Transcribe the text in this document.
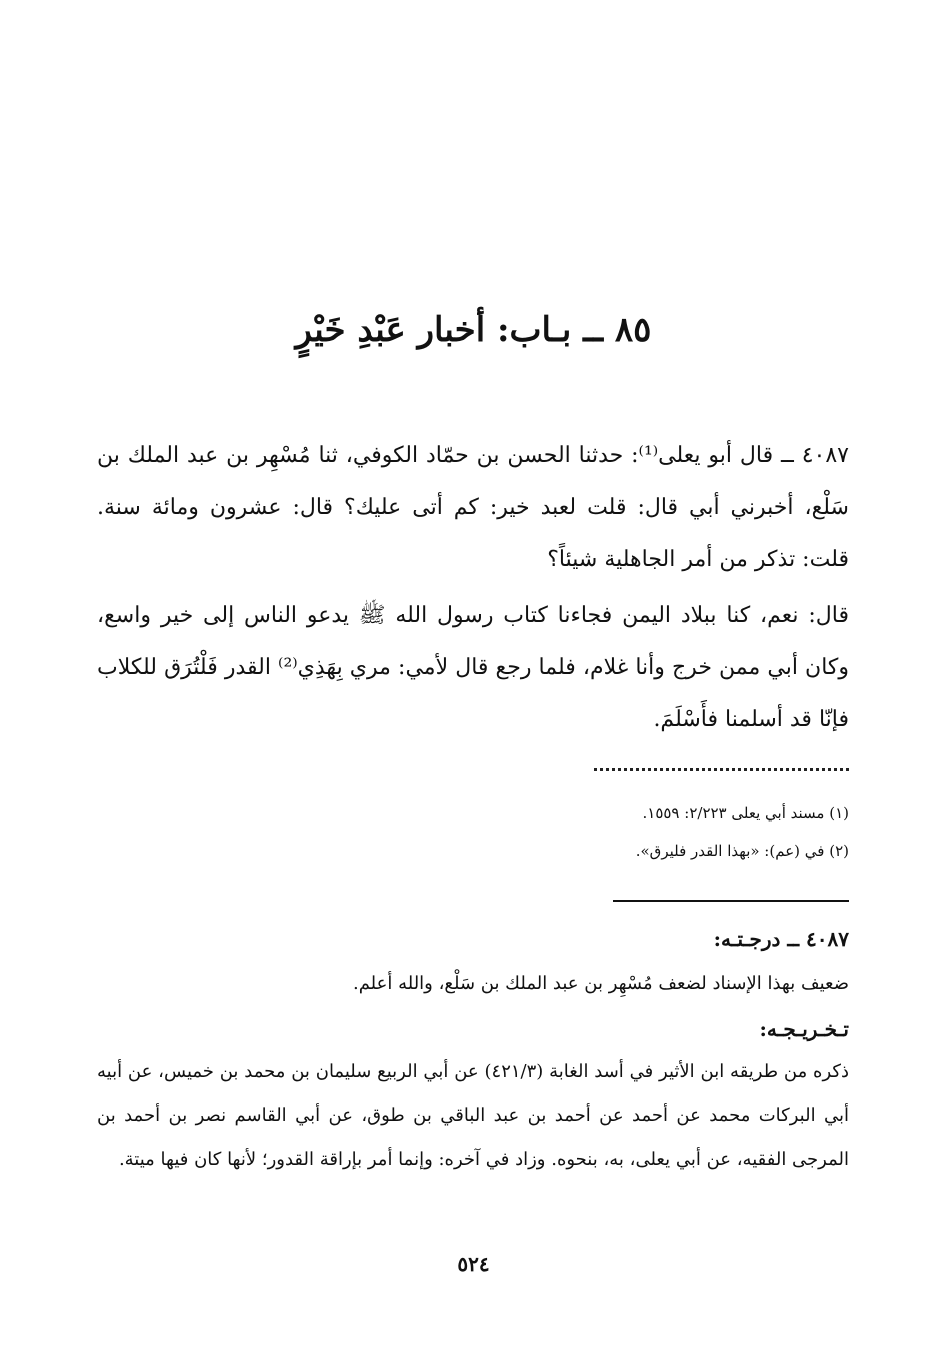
٨٥ ــ بـاب: أخبار عَبْدِ خَيْرٍ
٤٠٨٧ ــ قال أبو يعلى⁽¹⁾: حدثنا الحسن بن حمّاد الكوفي، ثنا مُسْهِر بن عبد الملك بن سَلْع، أخبرني أبي قال: قلت لعبد خير: كم أتى عليك؟ قال: عشرون ومائة سنة. قلت: تذكر من أمر الجاهلية شيئاً؟
قال: نعم، كنا ببلاد اليمن فجاءنا كتاب رسول الله ﷺ يدعو الناس إلى خير واسع، وكان أبي ممن خرج وأنا غلام، فلما رجع قال لأمي: مري بِهَذِي⁽²⁾ القدر فَلْتُرَق للكلاب فإنّا قد أسلمنا فأَسْلَمَ.
(١) مسند أبي يعلى ٢/٢٢٣: ١٥٥٩.
(٢) في (عم): «بهذا القدر فليرق».
٤٠٨٧ ــ درجـتـه:
ضعيف بهذا الإسناد لضعف مُسْهِر بن عبد الملك بن سَلْع، والله أعلم.
تـخـريـجـه:
ذكره من طريقه ابن الأثير في أسد الغابة (٤٢١/٣) عن أبي الربيع سليمان بن محمد بن خميس، عن أبيه أبي البركات محمد عن أحمد عن أحمد بن عبد الباقي بن طوق، عن أبي القاسم نصر بن أحمد بن المرجى الفقيه، عن أبي يعلى، به، بنحوه. وزاد في آخره: وإنما أمر بإراقة القدور؛ لأنها كان فيها ميتة.
٥٢٤
